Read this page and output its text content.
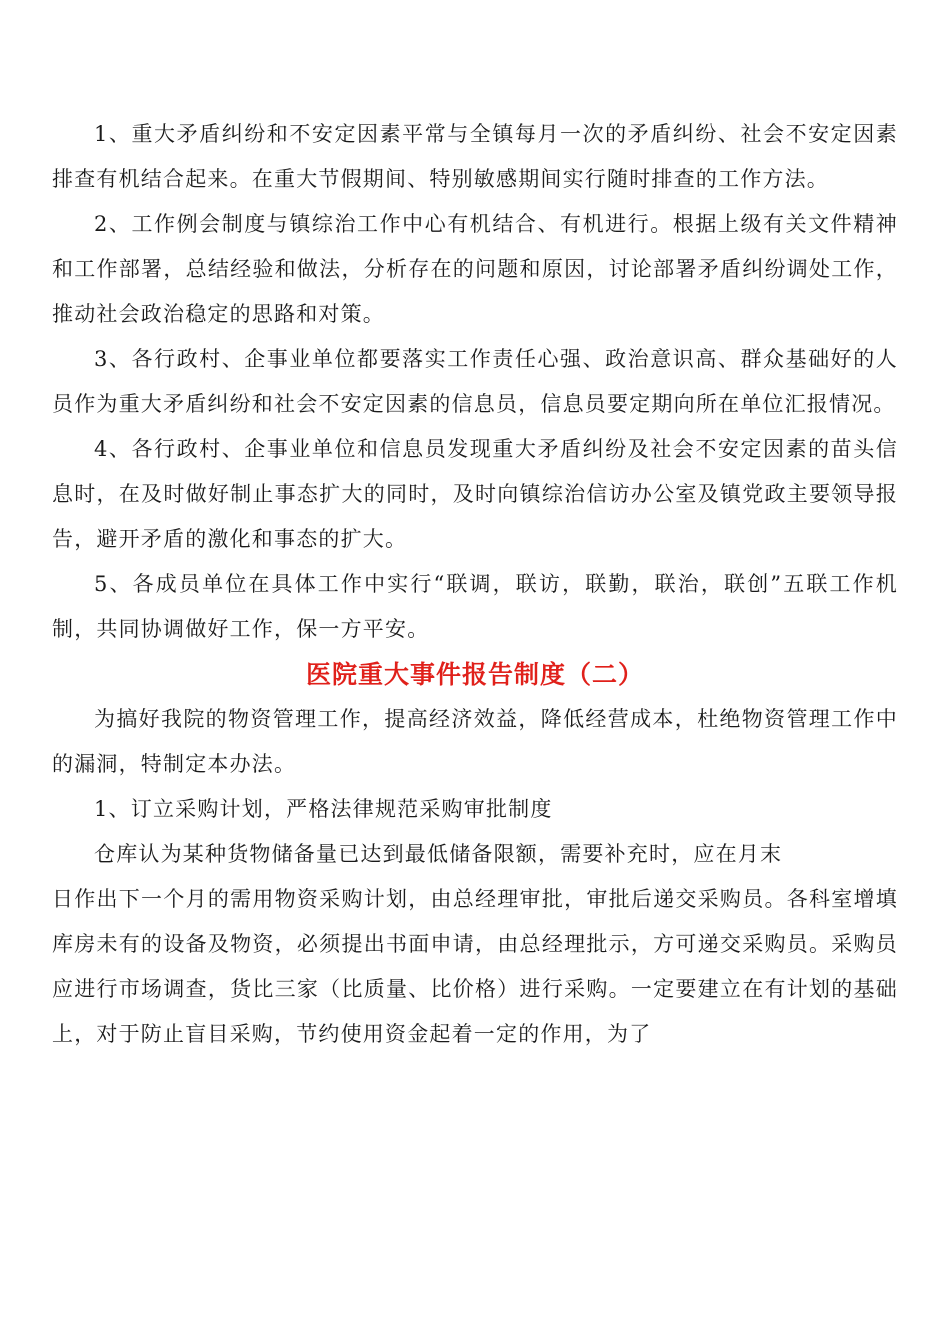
1、重大矛盾纠纷和不安定因素平常与全镇每月一次的矛盾纠纷、社会不安定因素排查有机结合起来。在重大节假期间、特别敏感期间实行随时排查的工作方法。

2、工作例会制度与镇综治工作中心有机结合、有机进行。根据上级有关文件精神和工作部署，总结经验和做法，分析存在的问题和原因，讨论部署矛盾纠纷调处工作，推动社会政治稳定的思路和对策。

3、各行政村、企事业单位都要落实工作责任心强、政治意识高、群众基础好的人员作为重大矛盾纠纷和社会不安定因素的信息员，信息员要定期向所在单位汇报情况。

4、各行政村、企事业单位和信息员发现重大矛盾纠纷及社会不安定因素的苗头信息时，在及时做好制止事态扩大的同时，及时向镇综治信访办公室及镇党政主要领导报告，避开矛盾的激化和事态的扩大。

5、各成员单位在具体工作中实行“联调，联访，联勤，联治，联创”五联工作机制，共同协调做好工作，保一方平安。

医院重大事件报告制度（二）

为搞好我院的物资管理工作，提高经济效益，降低经营成本，杜绝物资管理工作中的漏洞，特制定本办法。

1、订立采购计划，严格法律规范采购审批制度

仓库认为某种货物储备量已达到最低储备限额，需要补充时，应在月末

日作出下一个月的需用物资采购计划，由总经理审批，审批后递交采购员。各科室增填库房未有的设备及物资，必须提出书面申请，由总经理批示，方可递交采购员。采购员应进行市场调查，货比三家（比质量、比价格）进行采购。一定要建立在有计划的基础上，对于防止盲目采购，节约使用资金起着一定的作用，为了
